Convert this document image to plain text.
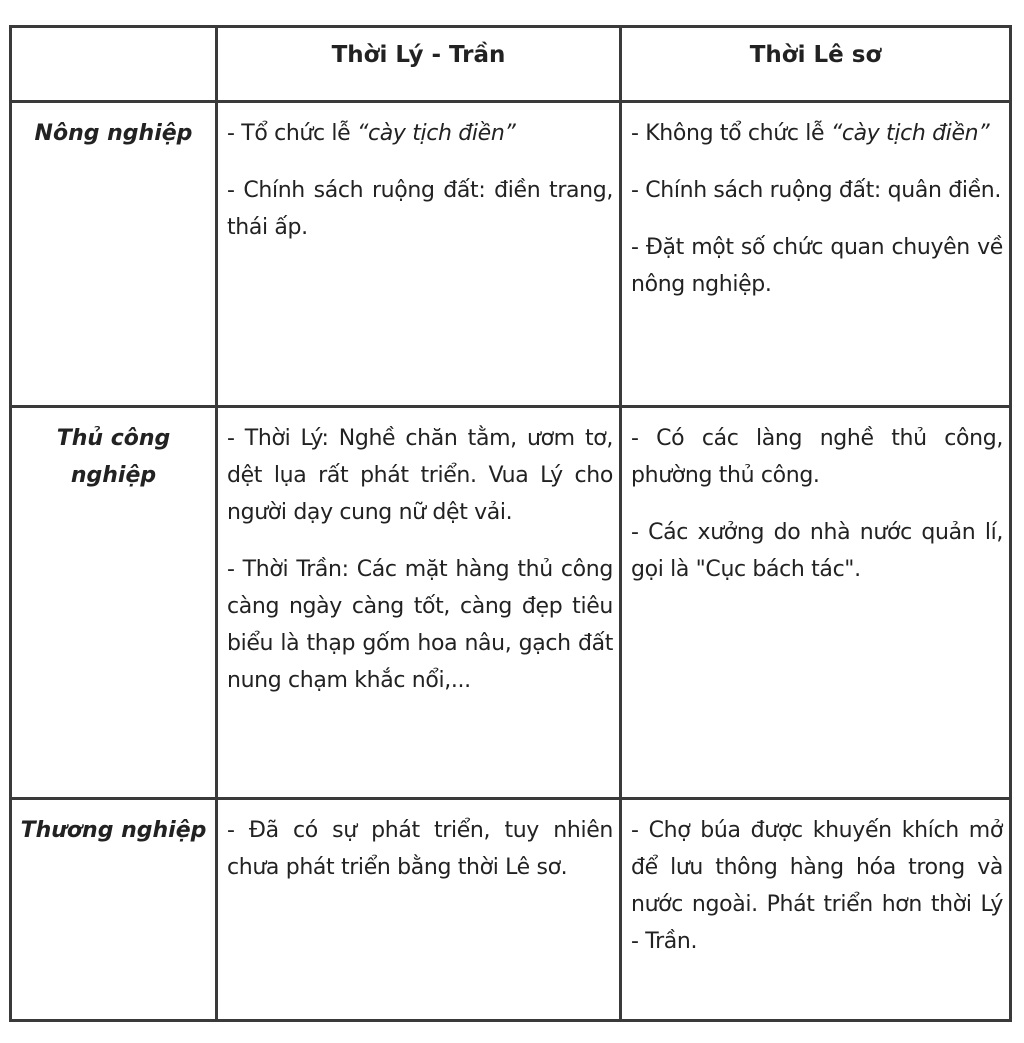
Thời Lý - Trần	Thời Lê sơ
Nông nghiệp	- Tổ chức lễ “cày tịch điền”

- Chính sách ruộng đất: điền trang, thái ấp.

- Không tổ chức lễ “cày tịch điền”

- Chính sách ruộng đất: quân điền.

- Đặt một số chức quan chuyên về nông nghiệp.

Thủ công nghiệp

- Thời Lý: Nghề chăn tằm, ươm tơ, dệt lụa rất phát triển. Vua Lý cho người dạy cung nữ dệt vải.

- Thời Trần: Các mặt hàng thủ công càng ngày càng tốt, càng đẹp tiêu biểu là thạp gốm hoa nâu, gạch đất nung chạm khắc nổi,...

- Có các làng nghề thủ công, phường thủ công.

- Các xưởng do nhà nước quản lí, gọi là "Cục bách tác".

Thương nghiệp - Đã có sự phát triển, tuy nhiên chưa phát triển bằng thời Lê sơ.

- Chợ búa được khuyến khích mở để lưu thông hàng hóa trong và nước ngoài. Phát triển hơn thời Lý - Trần.
